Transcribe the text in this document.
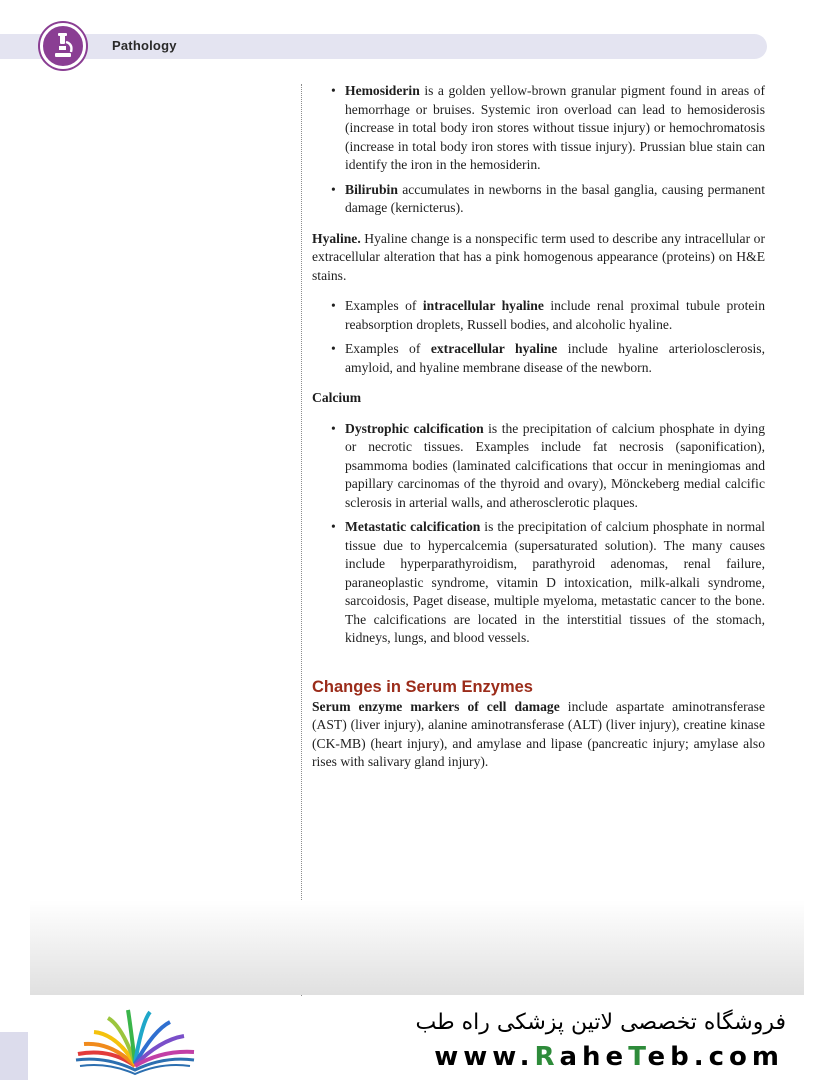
Pathology
• Hemosiderin is a golden yellow-brown granular pigment found in areas of hemorrhage or bruises. Systemic iron overload can lead to hemosiderosis (increase in total body iron stores without tissue injury) or hemochromatosis (increase in total body iron stores with tissue injury). Prussian blue stain can identify the iron in the hemosiderin.
• Bilirubin accumulates in newborns in the basal ganglia, causing permanent damage (kernicterus).

Hyaline. Hyaline change is a nonspecific term used to describe any intracellular or extracellular alteration that has a pink homogenous appearance (proteins) on H&E stains.

• Examples of intracellular hyaline include renal proximal tubule protein reabsorption droplets, Russell bodies, and alcoholic hyaline.
• Examples of extracellular hyaline include hyaline arteriolosclerosis, amyloid, and hyaline membrane disease of the newborn.

Calcium

• Dystrophic calcification is the precipitation of calcium phosphate in dying or necrotic tissues. Examples include fat necrosis (saponification), psammoma bodies (laminated calcifications that occur in meningiomas and papillary carcinomas of the thyroid and ovary), Mönckeberg medial calcific sclerosis in arterial walls, and atherosclerotic plaques.
• Metastatic calcification is the precipitation of calcium phosphate in normal tissue due to hypercalcemia (supersaturated solution). The many causes include hyperparathyroidism, parathyroid adenomas, renal failure, paraneoplastic syndrome, vitamin D intoxication, milk-alkali syndrome, sarcoidosis, Paget disease, multiple myeloma, metastatic cancer to the bone. The calcifications are located in the interstitial tissues of the stomach, kidneys, lungs, and blood vessels.
Changes in Serum Enzymes

Serum enzyme markers of cell damage include aspartate aminotransferase (AST) (liver injury), alanine aminotransferase (ALT) (liver injury), creatine kinase (CK-MB) (heart injury), and amylase and lipase (pancreatic injury; amylase also rises with salivary gland injury).

فروشگاه تخصصی لاتین پزشکی راه طب
www.RaheTeb.com
